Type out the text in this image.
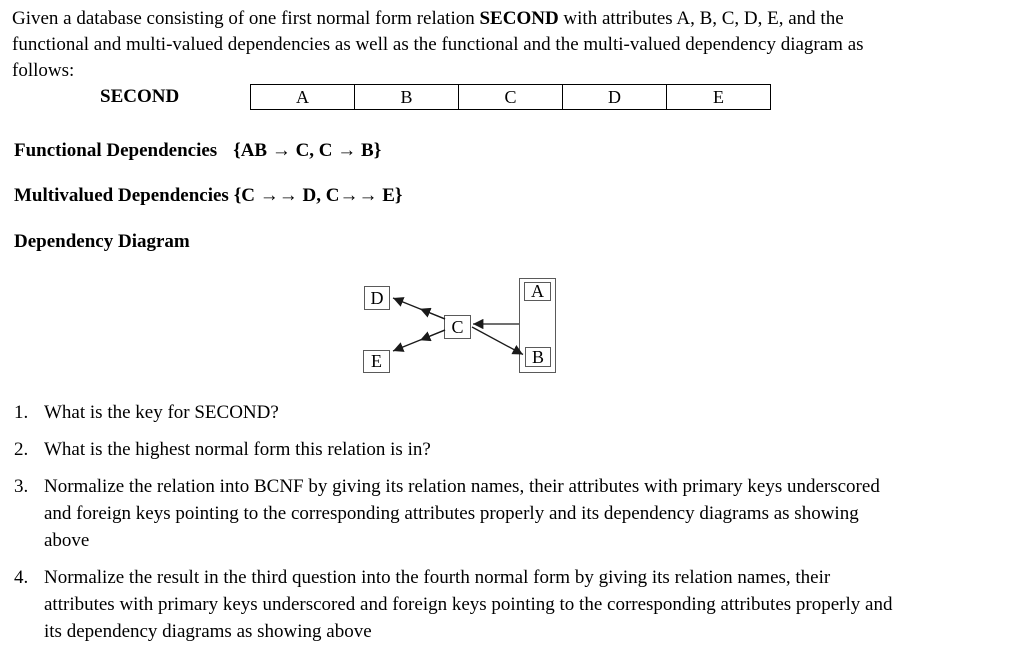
Given a database consisting of one first normal form relation SECOND with attributes A, B, C, D, E, and the functional and multi-valued dependencies as well as the functional and the multi-valued dependency diagram as follows:

SECOND	A	B	C	D	E

Functional Dependencies {AB → C, C → B}

Multivalued Dependencies {C →→ D, C→→ E}

Dependency Diagram

D
E
C
A
B
1. What is the key for SECOND?
2. What is the highest normal form this relation is in?
3. Normalize the relation into BCNF by giving its relation names, their attributes with primary keys underscored and foreign keys pointing to the corresponding attributes properly and its dependency diagrams as showing above
4. Normalize the result in the third question into the fourth normal form by giving its relation names, their attributes with primary keys underscored and foreign keys pointing to the corresponding attributes properly and its dependency diagrams as showing above
